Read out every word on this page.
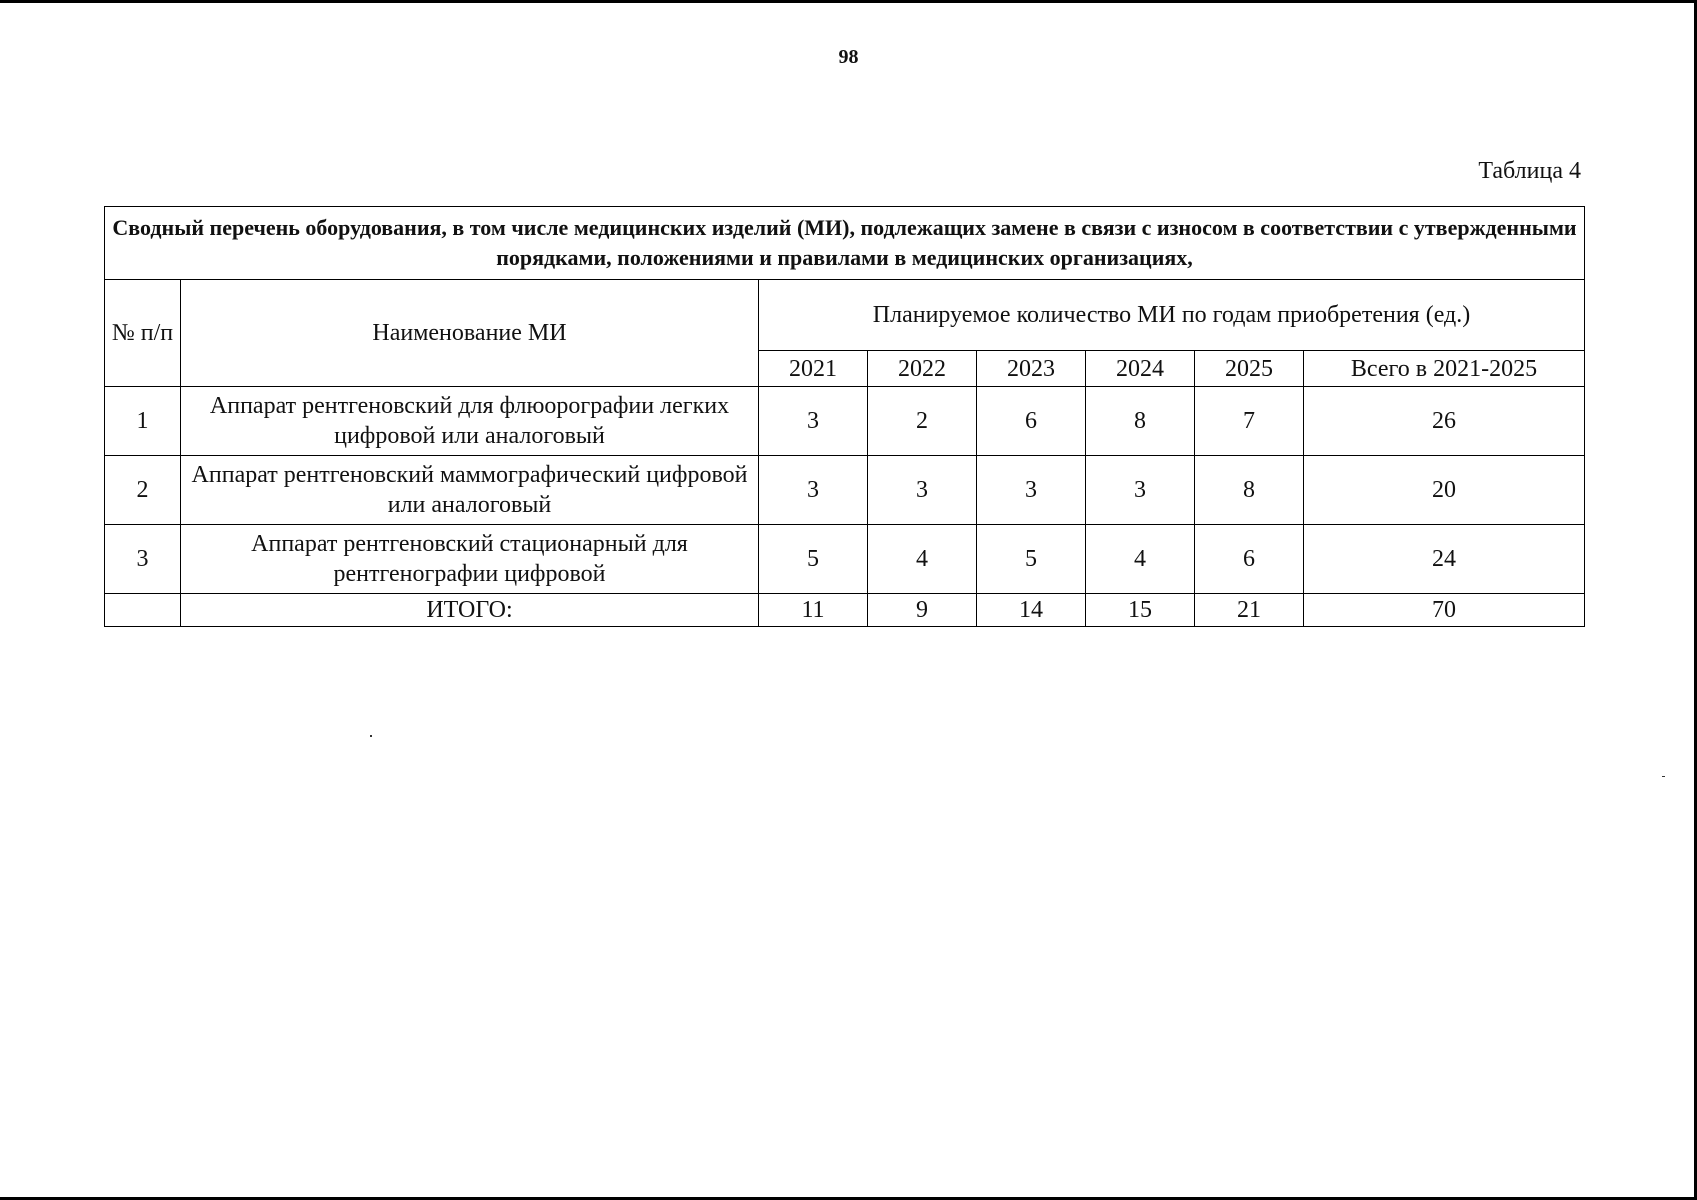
98
Таблица 4
Сводный перечень оборудования, в том числе медицинских изделий (МИ), подлежащих замене в связи с износом в соответствии с утвержденными порядками, положениями и правилами в медицинских организациях,							
№ п/п	Наименование МИ	Планируемое количество МИ по годам приобретения (ед.)					
		2021	2022	2023	2024	2025	Всего в 2021-2025
1	Аппарат рентгеновский для флюорографии легких цифровой или аналоговый	3	2	6	8	7	26
2	Аппарат рентгеновский маммографический цифровой или аналоговый	3	3	3	3	8	20
3	Аппарат рентгеновский стационарный для рентгенографии цифровой	5	4	5	4	6	24
	ИТОГО:	11	9	14	15	21	70
